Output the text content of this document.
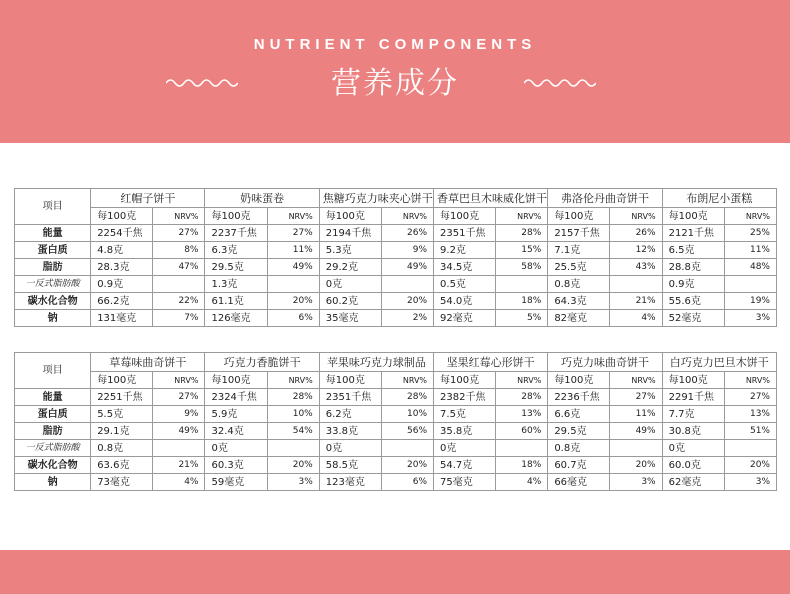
NUTRIENT COMPONENTS
营养成分
项目	红帽子饼干		奶味蛋卷		焦糖巧克力味夹心饼干		香草巴旦木味威化饼干		弗洛伦丹曲奇饼干		布朗尼小蛋糕	
	每100克	NRV%	每100克	NRV%	每100克	NRV%	每100克	NRV%	每100克	NRV%	每100克	NRV%
能量	2254千焦	27%	2237千焦	27%	2194千焦	26%	2351千焦	28%	2157千焦	26%	2121千焦	25%
蛋白质	4.8克	8%	6.3克	11%	5.3克	9%	9.2克	15%	7.1克	12%	6.5克	11%
脂肪	28.3克	47%	29.5克	49%	29.2克	49%	34.5克	58%	25.5克	43%	28.8克	48%
一反式脂肪酸	0.9克		1.3克		0克		0.5克		0.8克		0.9克	
碳水化合物	66.2克	22%	61.1克	20%	60.2克	20%	54.0克	18%	64.3克	21%	55.6克	19%
钠	131毫克	7%	126毫克	6%	35毫克	2%	92毫克	5%	82毫克	4%	52毫克	3%
项目	草莓味曲奇饼干		巧克力香脆饼干		苹果味巧克力球制品		坚果红莓心形饼干		巧克力味曲奇饼干		白巧克力巴旦木饼干	
	每100克	NRV%	每100克	NRV%	每100克	NRV%	每100克	NRV%	每100克	NRV%	每100克	NRV%
能量	2251千焦	27%	2324千焦	28%	2351千焦	28%	2382千焦	28%	2236千焦	27%	2291千焦	27%
蛋白质	5.5克	9%	5.9克	10%	6.2克	10%	7.5克	13%	6.6克	11%	7.7克	13%
脂肪	29.1克	49%	32.4克	54%	33.8克	56%	35.8克	60%	29.5克	49%	30.8克	51%
一反式脂肪酸	0.8克		0克		0克		0克		0.8克		0克	
碳水化合物	63.6克	21%	60.3克	20%	58.5克	20%	54.7克	18%	60.7克	20%	60.0克	20%
钠	73毫克	4%	59毫克	3%	123毫克	6%	75毫克	4%	66毫克	3%	62毫克	3%
